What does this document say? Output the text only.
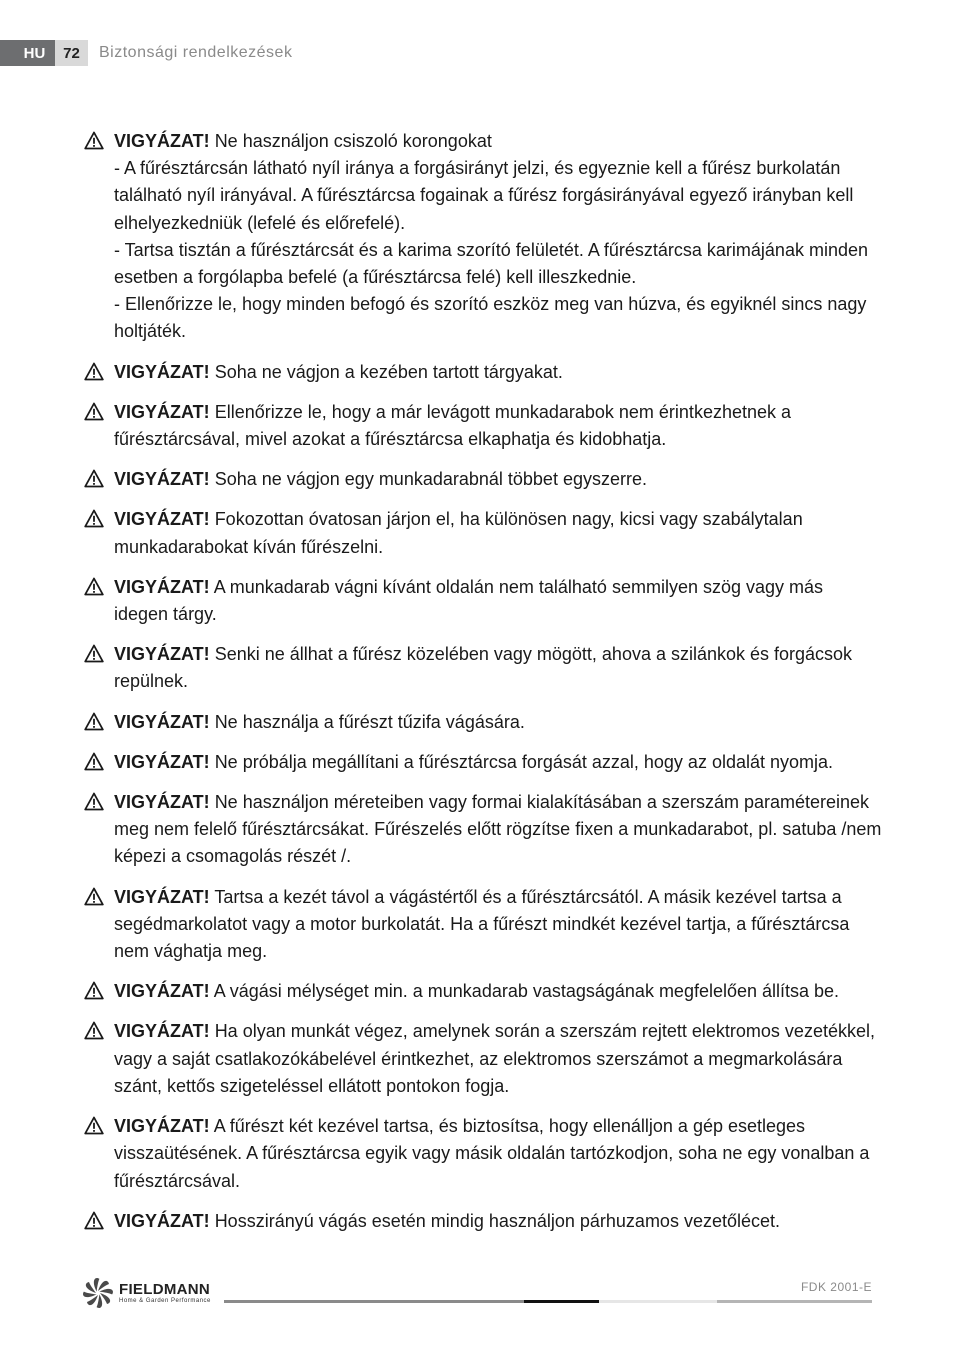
HU	72	Biztonsági rendelkezések
VIGYÁZAT! Ne használjon csiszoló korongokat
- A fűrésztárcsán látható nyíl iránya a forgásirányt jelzi, és egyeznie kell a fűrész burkolatán található nyíl irányával. A fűrésztárcsa fogainak a fűrész forgásirányával egyező irányban kell elhelyezkedniük (lefelé és előrefelé).
- Tartsa tisztán a fűrésztárcsát és a karima szorító felületét. A fűrésztárcsa karimájának minden esetben a forgólapba befelé (a fűrésztárcsa felé) kell illeszkednie.
- Ellenőrizze le, hogy minden befogó és szorító eszköz meg van húzva, és egyiknél sincs nagy holtjáték.
VIGYÁZAT! Soha ne vágjon a kezében tartott tárgyakat.
VIGYÁZAT! Ellenőrizze le, hogy a már levágott munkadarabok nem érintkezhetnek a fűrésztárcsával, mivel azokat a fűrésztárcsa elkaphatja és kidobhatja.
VIGYÁZAT! Soha ne vágjon egy munkadarabnál többet egyszerre.
VIGYÁZAT! Fokozottan óvatosan járjon el, ha különösen nagy, kicsi vagy szabálytalan munkadarabokat kíván fűrészelni.
VIGYÁZAT! A munkadarab vágni kívánt oldalán nem található semmilyen szög vagy más idegen tárgy.
VIGYÁZAT! Senki ne állhat a fűrész közelében vagy mögött, ahova a szilánkok és forgácsok repülnek.
VIGYÁZAT! Ne használja a fűrészt tűzifa vágására.
VIGYÁZAT! Ne próbálja megállítani a fűrésztárcsa forgását azzal, hogy az oldalát nyomja.
VIGYÁZAT! Ne használjon méreteiben vagy formai kialakításában a szerszám paramétereinek meg nem felelő fűrésztárcsákat. Fűrészelés előtt rögzítse fixen a munkadarabot, pl. satuba /nem képezi a csomagolás részét /.
VIGYÁZAT! Tartsa a kezét távol a vágástértől és a fűrésztárcsától. A másik kezével tartsa a segédmarkolatot vagy a motor burkolatát. Ha a fűrészt mindkét kezével tartja, a fűrésztárcsa nem vághatja meg.
VIGYÁZAT! A vágási mélységet min. a munkadarab vastagságának megfelelően állítsa be.
VIGYÁZAT! Ha olyan munkát végez, amelynek során a szerszám rejtett elektromos vezetékkel, vagy a saját csatlakozókábelével érintkezhet, az elektromos szerszámot a megmarkolására szánt, kettős szigeteléssel ellátott pontokon fogja.
VIGYÁZAT! A fűrészt két kezével tartsa, és biztosítsa, hogy ellenálljon a gép esetleges visszaütésének. A fűrésztárcsa egyik vagy másik oldalán tartózkodjon, soha ne egy vonalban a fűrésztárcsával.
VIGYÁZAT! Hosszirányú vágás esetén mindig használjon párhuzamos vezetőlécet.
FIELDMANN
Home & Garden Performance
FDK 2001-E
